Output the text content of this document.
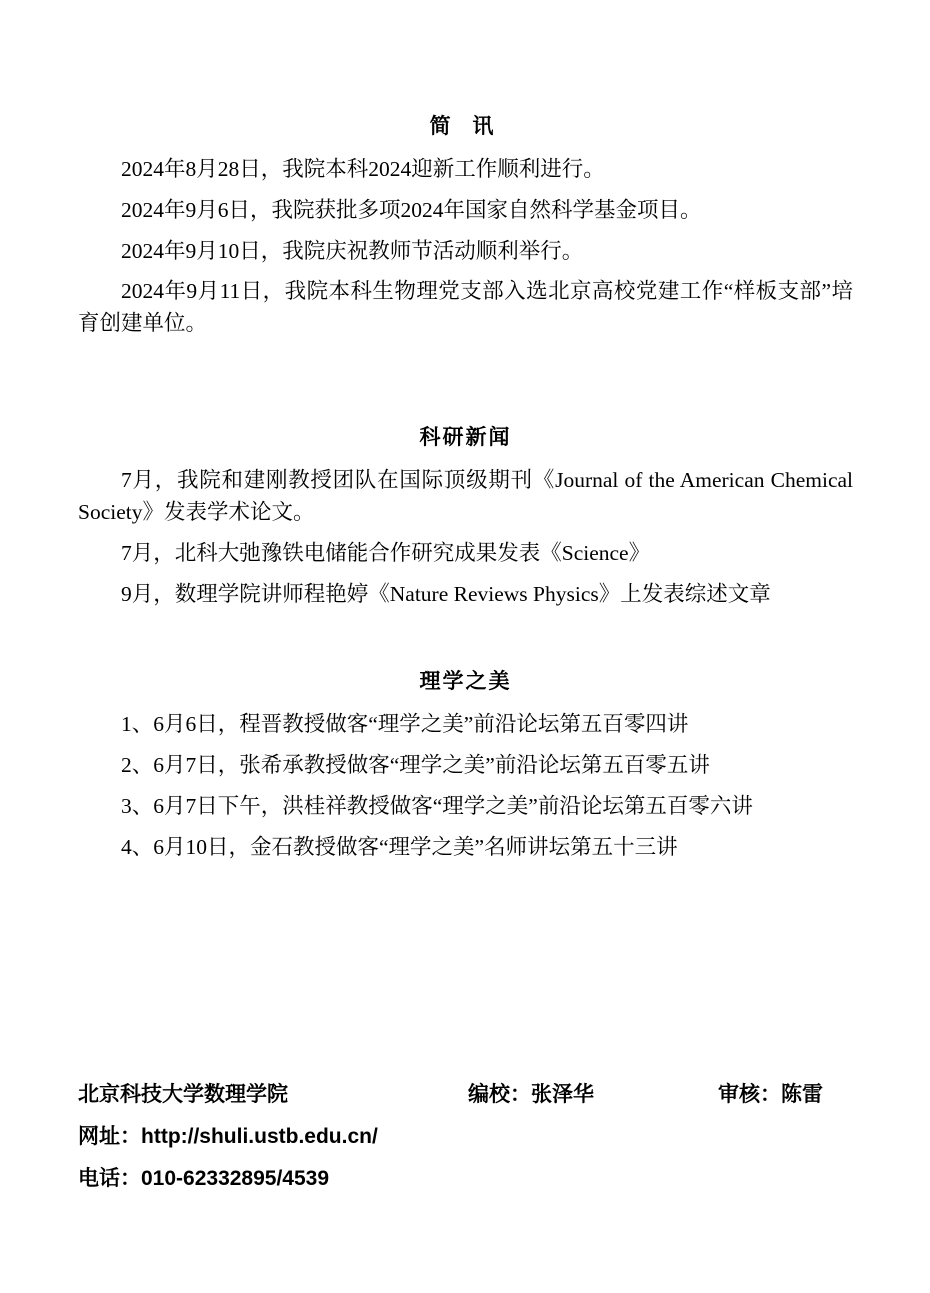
简 讯

2024年8月28日，我院本科2024迎新工作顺利进行。

2024年9月6日，我院获批多项2024年国家自然科学基金项目。

2024年9月10日，我院庆祝教师节活动顺利举行。

2024年9月11日，我院本科生物理党支部入选北京高校党建工作“样板支部”培育创建单位。

科研新闻

7月，我院和建刚教授团队在国际顶级期刊《Journal of the American Chemical Society》发表学术论文。

7月，北科大弛豫铁电储能合作研究成果发表《Science》

9月，数理学院讲师程艳婷《Nature Reviews Physics》上发表综述文章

理学之美

1、6月6日，程晋教授做客“理学之美”前沿论坛第五百零四讲

2、6月7日，张希承教授做客“理学之美”前沿论坛第五百零五讲

3、6月7日下午，洪桂祥教授做客“理学之美”前沿论坛第五百零六讲

4、6月10日，金石教授做客“理学之美”名师讲坛第五十三讲

北京科技大学数理学院	编校：张泽华	审核：陈雷
网址：http://shuli.ustb.edu.cn/
电话：010-62332895/4539
